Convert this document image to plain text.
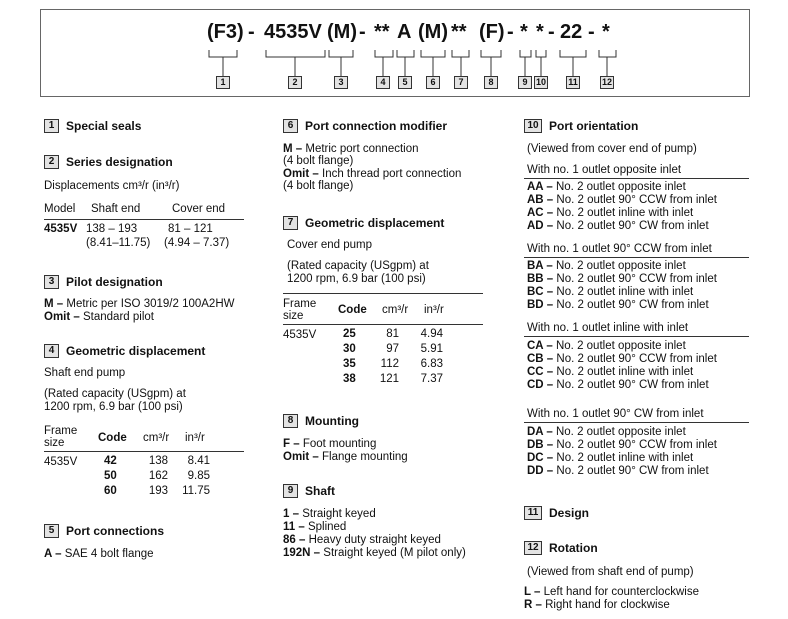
(F3) - 4535V (M) - ** A (M) ** (F) - * * - 22 - *
1	2	3	4	5	6	7	8	9 10 11	12
1 Special seals
2 Series designation
Displacements cm³/r (in³/r)
Model Shaft end	Cover end
4535V 138 – 193	81 – 121
(8.41–11.75) (4.94 – 7.37)
3 Pilot designation
M – Metric per ISO 3019/2 100A2HW
Omit – Standard pilot
4 Geometric displacement
Shaft end pump
(Rated capacity (USgpm) at
1200 rpm, 6.9 bar (100 psi)
Frame
size	Code cm³/r in³/r
4535V 42	138	8.41
50	162	9.85
60	193	11.75
5 Port connections
A – SAE 4 bolt flange
6 Port connection modifier
M – Metric port connection
(4 bolt flange)
Omit – Inch thread port connection
(4 bolt flange)
7 Geometric displacement
Cover end pump
(Rated capacity (USgpm) at
1200 rpm, 6.9 bar (100 psi)
Frame
size	Code cm³/r in³/r
4535V 25	81	4.94
30	97	5.91
35	112	6.83
38	121	7.37
8 Mounting
F – Foot mounting
Omit – Flange mounting
9 Shaft
1 – Straight keyed
11 – Splined
86 – Heavy duty straight keyed
192N – Straight keyed (M pilot only)
10 Port orientation
(Viewed from cover end of pump)
With no. 1 outlet opposite inlet
AA – No. 2 outlet opposite inlet
AB – No. 2 outlet 90° CCW from inlet
AC – No. 2 outlet inline with inlet
AD – No. 2 outlet 90° CW from inlet
With no. 1 outlet 90° CCW from inlet
BA – No. 2 outlet opposite inlet
BB – No. 2 outlet 90° CCW from inlet
BC – No. 2 outlet inline with inlet
BD – No. 2 outlet 90° CW from inlet
With no. 1 outlet inline with inlet
CA – No. 2 outlet opposite inlet
CB – No. 2 outlet 90° CCW from inlet
CC – No. 2 outlet inline with inlet
CD – No. 2 outlet 90° CW from inlet
With no. 1 outlet 90° CW from inlet
DA – No. 2 outlet opposite inlet
DB – No. 2 outlet 90° CCW from inlet
DC – No. 2 outlet inline with inlet
DD – No. 2 outlet 90° CW from inlet
11 Design
12 Rotation
(Viewed from shaft end of pump)
L – Left hand for counterclockwise
R – Right hand for clockwise
